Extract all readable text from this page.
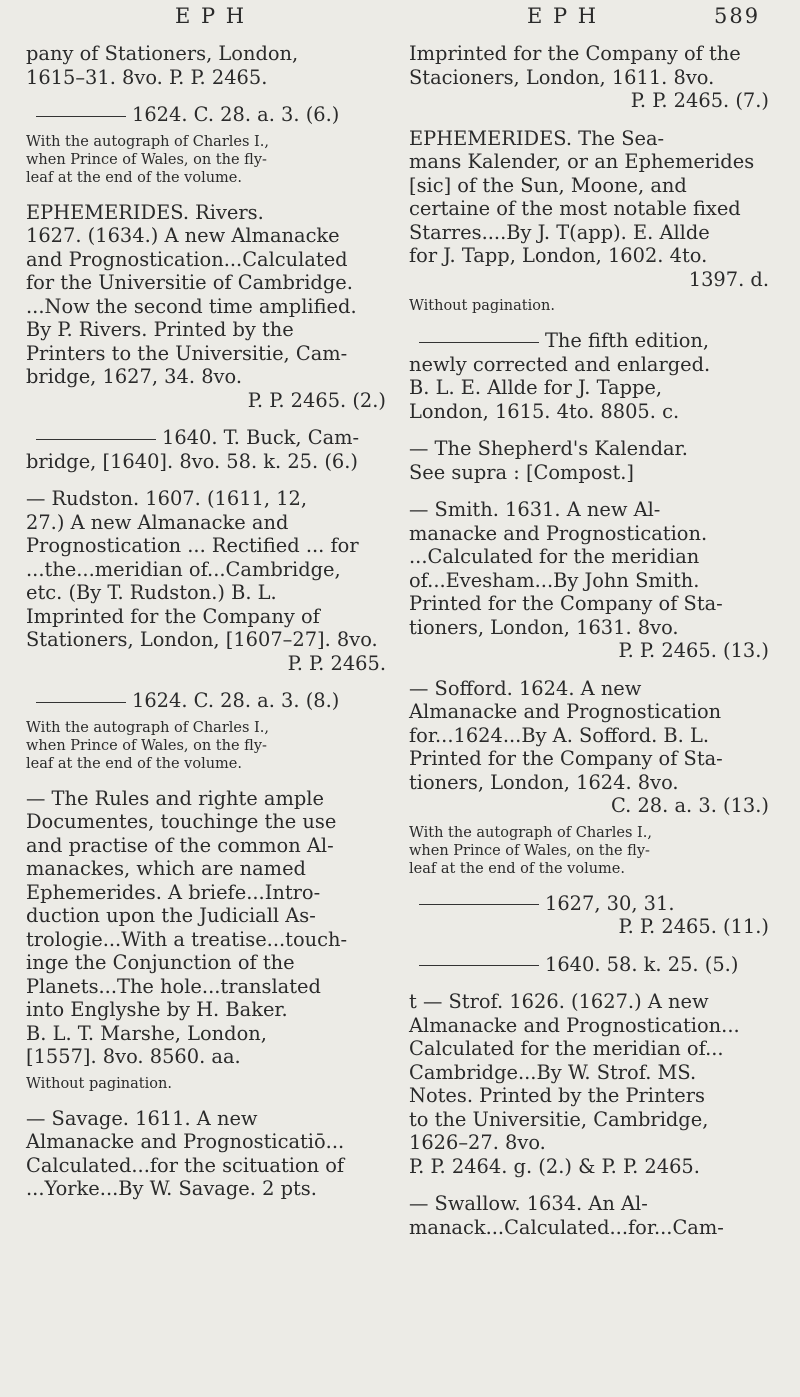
E P H	E P H	589
pany of Stationers, London,
1615–31. 8vo. P. P. 2465.
1624. C. 28. a. 3. (6.)
With the autograph of Charles I.,
when Prince of Wales, on the fly-
leaf at the end of the volume.
EPHEMERIDES. Rivers.
1627. (1634.) A new Almanacke
and Prognostication...Calculated
for the Universitie of Cambridge.
...Now the second time amplified.
By P. Rivers. Printed by the
Printers to the Universitie, Cam-
bridge, 1627, 34. 8vo.
P. P. 2465. (2.)
1640. T. Buck, Cam-
bridge, [1640]. 8vo. 58. k. 25. (6.)
— Rudston. 1607. (1611, 12,
27.) A new Almanacke and
Prognostication ... Rectified ... for
...the...meridian of...Cambridge,
etc. (By T. Rudston.) B. L.
Imprinted for the Company of
Stationers, London, [1607–27]. 8vo.
P. P. 2465.
1624. C. 28. a. 3. (8.)
With the autograph of Charles I.,
when Prince of Wales, on the fly-
leaf at the end of the volume.
— The Rules and righte ample
Documentes, touchinge the use
and practise of the common Al-
manackes, which are named
Ephemerides. A briefe...Intro-
duction upon the Judiciall As-
trologie...With a treatise...touch-
inge the Conjunction of the
Planets...The hole...translated
into Englyshe by H. Baker.
B. L. T. Marshe, London,
[1557]. 8vo. 8560. aa.
Without pagination.
— Savage. 1611. A new
Almanacke and Prognosticatiō...
Calculated...for the scituation of
...Yorke...By W. Savage. 2 pts.
Imprinted for the Company of the
Stacioners, London, 1611. 8vo.
P. P. 2465. (7.)
EPHEMERIDES. The Sea-
mans Kalender, or an Ephemerides
[sic] of the Sun, Moone, and
certaine of the most notable fixed
Starres....By J. T(app). E. Allde
for J. Tapp, London, 1602. 4to.
1397. d.
Without pagination.
The fifth edition,
newly corrected and enlarged.
B. L. E. Allde for J. Tappe,
London, 1615. 4to. 8805. c.
— The Shepherd's Kalendar.
See supra : [Compost.]
— Smith. 1631. A new Al-
manacke and Prognostication.
...Calculated for the meridian
of...Evesham...By John Smith.
Printed for the Company of Sta-
tioners, London, 1631. 8vo.
P. P. 2465. (13.)
— Sofford. 1624. A new
Almanacke and Prognostication
for...1624...By A. Sofford. B. L.
Printed for the Company of Sta-
tioners, London, 1624. 8vo.
C. 28. a. 3. (13.)
With the autograph of Charles I.,
when Prince of Wales, on the fly-
leaf at the end of the volume.
1627, 30, 31.
P. P. 2465. (11.)
1640. 58. k. 25. (5.)
t — Strof. 1626. (1627.) A new
Almanacke and Prognostication...
Calculated for the meridian of...
Cambridge...By W. Strof. MS.
Notes. Printed by the Printers
to the Universitie, Cambridge,
1626–27. 8vo.
P. P. 2464. g. (2.) & P. P. 2465.
— Swallow. 1634. An Al-
manack...Calculated...for...Cam-
